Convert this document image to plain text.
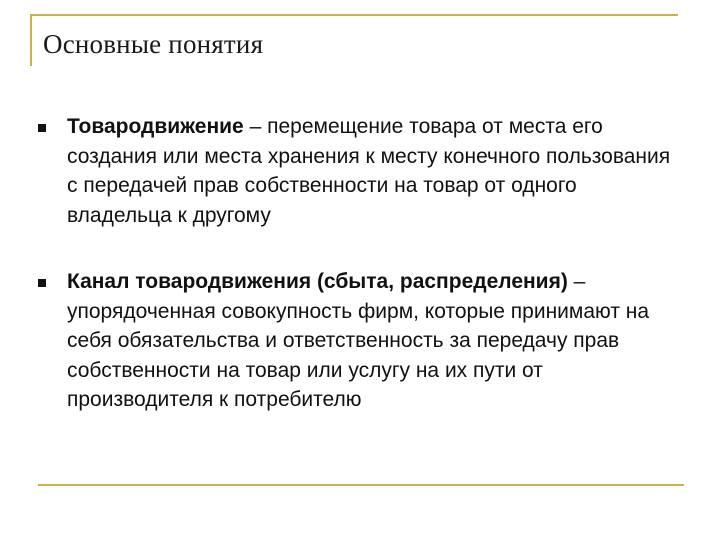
Основные понятия
Товародвижение – перемещение товара от места его создания или места хранения к месту конечного пользования с передачей прав собственности на товар от одного владельца к другому
Канал товародвижения (сбыта, распределения) – упорядоченная совокупность фирм, которые принимают на себя обязательства и ответственность за передачу прав собственности на товар или услугу на их пути от производителя к потребителю
